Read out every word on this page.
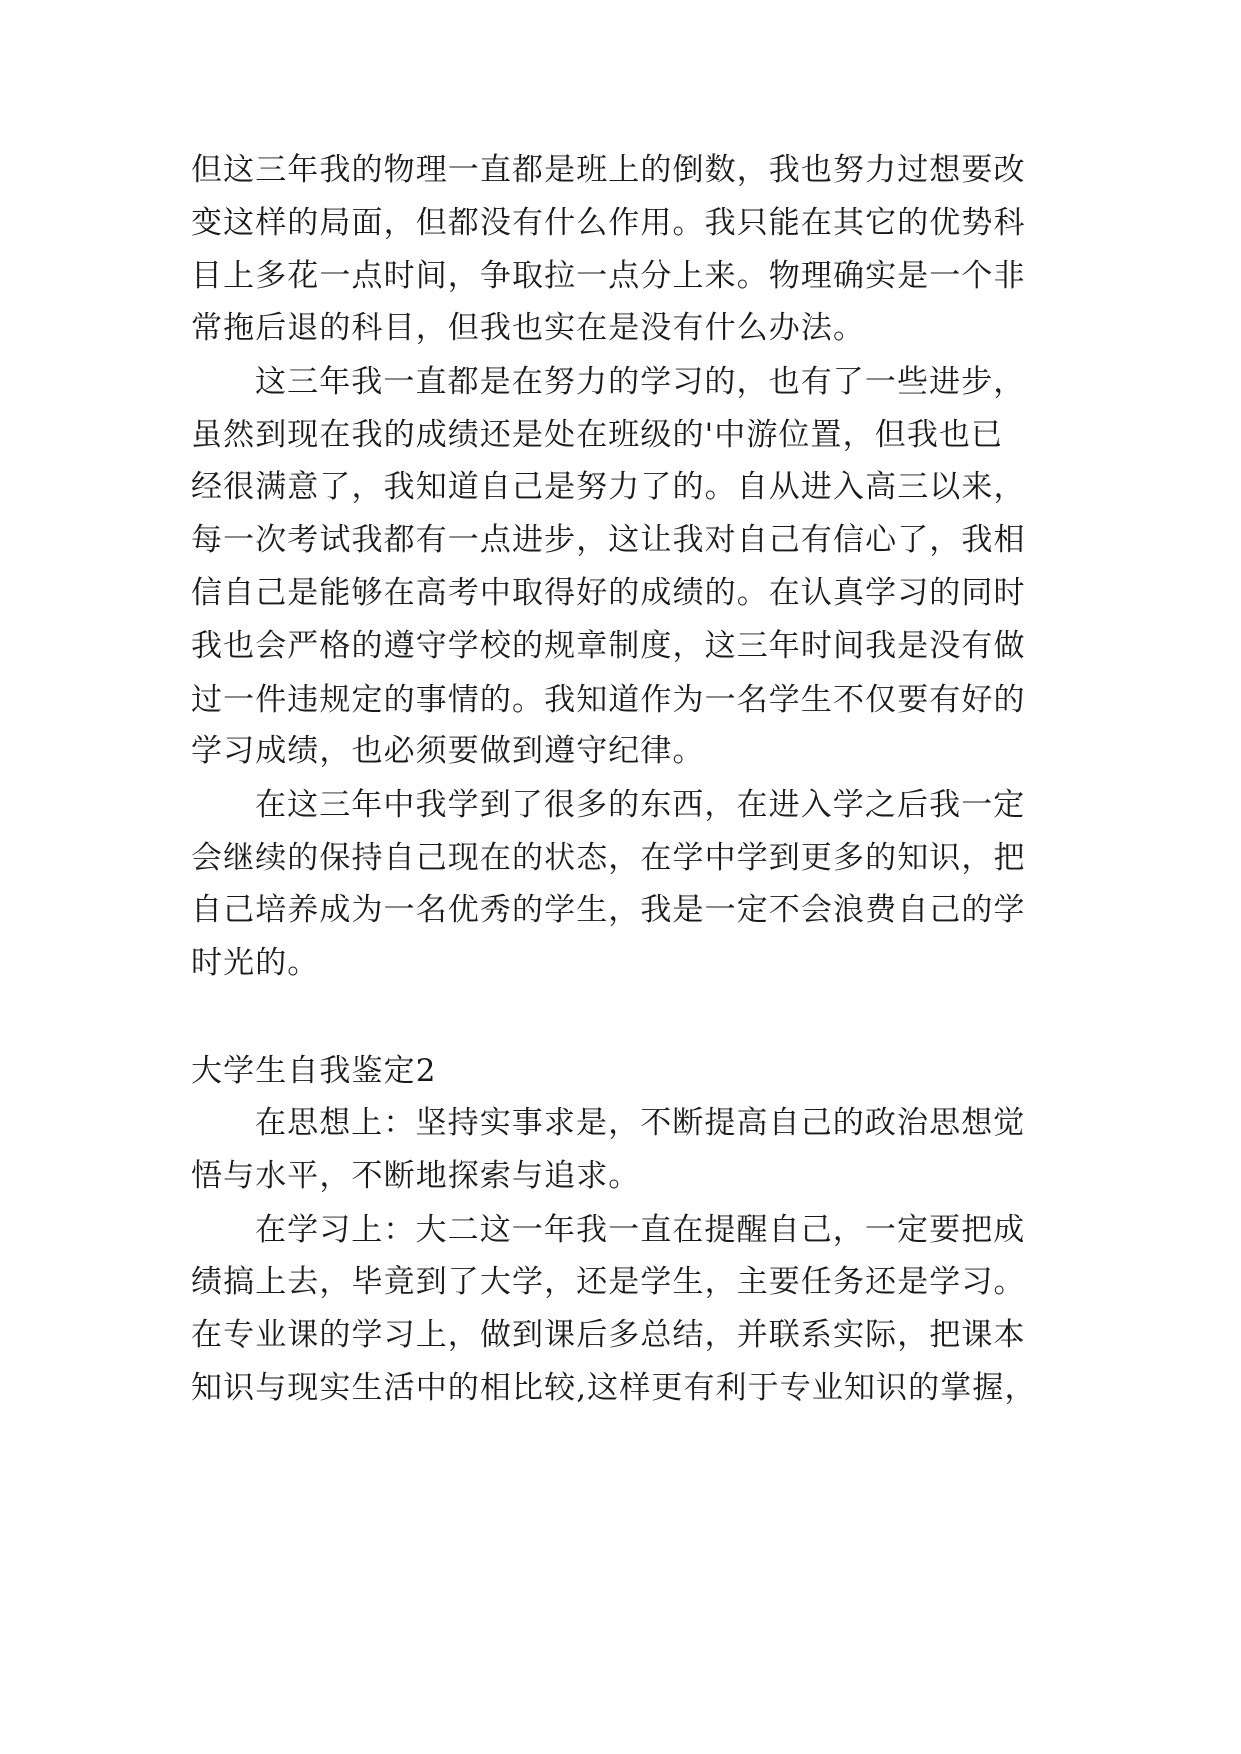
但这三年我的物理一直都是班上的倒数，我也努力过想要改
变这样的局面，但都没有什么作用。我只能在其它的优势科
目上多花一点时间，争取拉一点分上来。物理确实是一个非
常拖后退的科目，但我也实在是没有什么办法。
这三年我一直都是在努力的学习的，也有了一些进步，
虽然到现在我的成绩还是处在班级的'中游位置，但我也已
经很满意了，我知道自己是努力了的。自从进入高三以来，
每一次考试我都有一点进步，这让我对自己有信心了，我相
信自己是能够在高考中取得好的成绩的。在认真学习的同时
我也会严格的遵守学校的规章制度，这三年时间我是没有做
过一件违规定的事情的。我知道作为一名学生不仅要有好的
学习成绩，也必须要做到遵守纪律。
在这三年中我学到了很多的东西，在进入学之后我一定
会继续的保持自己现在的状态，在学中学到更多的知识，把
自己培养成为一名优秀的学生，我是一定不会浪费自己的学
时光的。
大学生自我鉴定2
在思想上：坚持实事求是，不断提高自己的政治思想觉
悟与水平，不断地探索与追求。
在学习上：大二这一年我一直在提醒自己，一定要把成
绩搞上去，毕竟到了大学，还是学生，主要任务还是学习。
在专业课的学习上，做到课后多总结，并联系实际，把课本
知识与现实生活中的相比较,这样更有利于专业知识的掌握，
